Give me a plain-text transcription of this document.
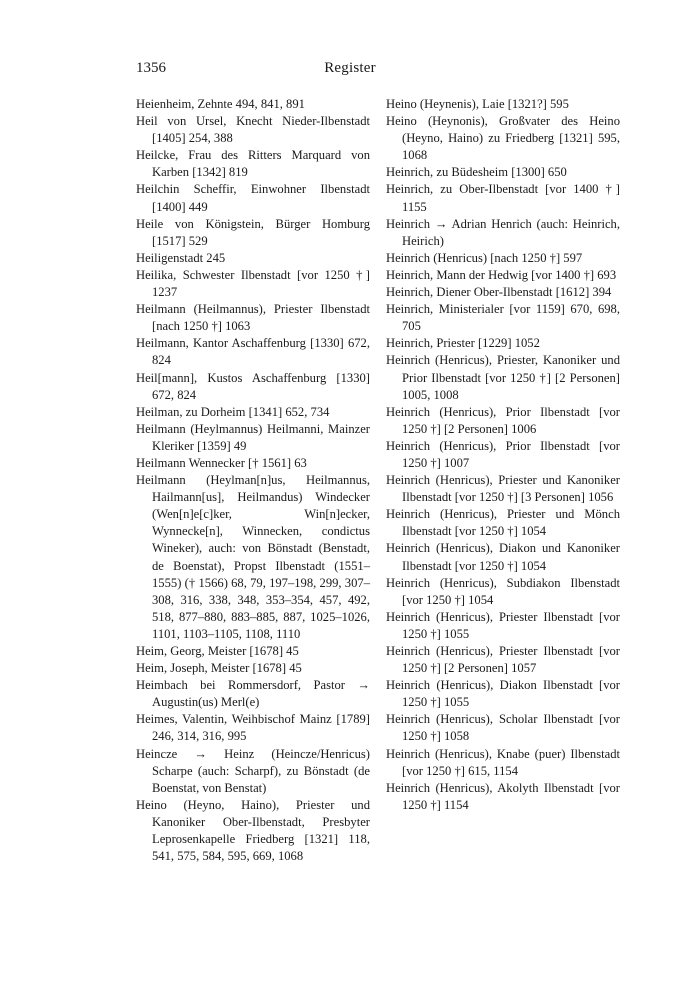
1356	Register
Heienheim, Zehnte 494, 841, 891
Heil von Ursel, Knecht Nieder-Ilbenstadt [1405] 254, 388
Heilcke, Frau des Ritters Marquard von Karben [1342] 819
Heilchin Scheffir, Einwohner Ilbenstadt [1400] 449
Heile von Königstein, Bürger Homburg [1517] 529
Heiligenstadt 245
Heilika, Schwester Ilbenstadt [vor 1250 †] 1237
Heilmann (Heilmannus), Priester Ilbenstadt [nach 1250 †] 1063
Heilmann, Kantor Aschaffenburg [1330] 672, 824
Heil[mann], Kustos Aschaffenburg [1330] 672, 824
Heilman, zu Dorheim [1341] 652, 734
Heilmann (Heylmannus) Heilmanni, Mainzer Kleriker [1359] 49
Heilmann Wennecker [† 1561] 63
Heilmann (Heylman[n]us, Heilmannus, Hailmann[us], Heilmandus) Windecker (Wen[n]e[c]ker, Win[n]ecker, Wynnecke[n], Winnecken, condictus Wineker), auch: von Bönstadt (Benstadt, de Boenstat), Propst Ilbenstadt (1551–1555) († 1566) 68, 79, 197–198, 299, 307–308, 316, 338, 348, 353–354, 457, 492, 518, 877–880, 883–885, 887, 1025–1026, 1101, 1103–1105, 1108, 1110
Heim, Georg, Meister [1678] 45
Heim, Joseph, Meister [1678] 45
Heimbach bei Rommersdorf, Pastor → Augustin(us) Merl(e)
Heimes, Valentin, Weihbischof Mainz [1789] 246, 314, 316, 995
Heincze → Heinz (Heincze/Henricus) Scharpe (auch: Scharpf), zu Bönstadt (de Boenstat, von Benstat)
Heino (Heyno, Haino), Priester und Kanoniker Ober-Ilbenstadt, Presbyter Leprosenkapelle Friedberg [1321] 118, 541, 575, 584, 595, 669, 1068
Heino (Heynenis), Laie [1321?] 595
Heino (Heynonis), Großvater des Heino (Heyno, Haino) zu Friedberg [1321] 595, 1068
Heinrich, zu Büdesheim [1300] 650
Heinrich, zu Ober-Ilbenstadt [vor 1400 †] 1155
Heinrich → Adrian Henrich (auch: Heinrich, Heirich)
Heinrich (Henricus) [nach 1250 †] 597
Heinrich, Mann der Hedwig [vor 1400 †] 693
Heinrich, Diener Ober-Ilbenstadt [1612] 394
Heinrich, Ministerialer [vor 1159] 670, 698, 705
Heinrich, Priester [1229] 1052
Heinrich (Henricus), Priester, Kanoniker und Prior Ilbenstadt [vor 1250 †] [2 Personen] 1005, 1008
Heinrich (Henricus), Prior Ilbenstadt [vor 1250 †] [2 Personen] 1006
Heinrich (Henricus), Prior Ilbenstadt [vor 1250 †] 1007
Heinrich (Henricus), Priester und Kanoniker Ilbenstadt [vor 1250 †] [3 Personen] 1056
Heinrich (Henricus), Priester und Mönch Ilbenstadt [vor 1250 †] 1054
Heinrich (Henricus), Diakon und Kanoniker Ilbenstadt [vor 1250 †] 1054
Heinrich (Henricus), Subdiakon Ilbenstadt [vor 1250 †] 1054
Heinrich (Henricus), Priester Ilbenstadt [vor 1250 †] 1055
Heinrich (Henricus), Priester Ilbenstadt [vor 1250 †] [2 Personen] 1057
Heinrich (Henricus), Diakon Ilbenstadt [vor 1250 †] 1055
Heinrich (Henricus), Scholar Ilbenstadt [vor 1250 †] 1058
Heinrich (Henricus), Knabe (puer) Ilbenstadt [vor 1250 †] 615, 1154
Heinrich (Henricus), Akolyth Ilbenstadt [vor 1250 †] 1154
